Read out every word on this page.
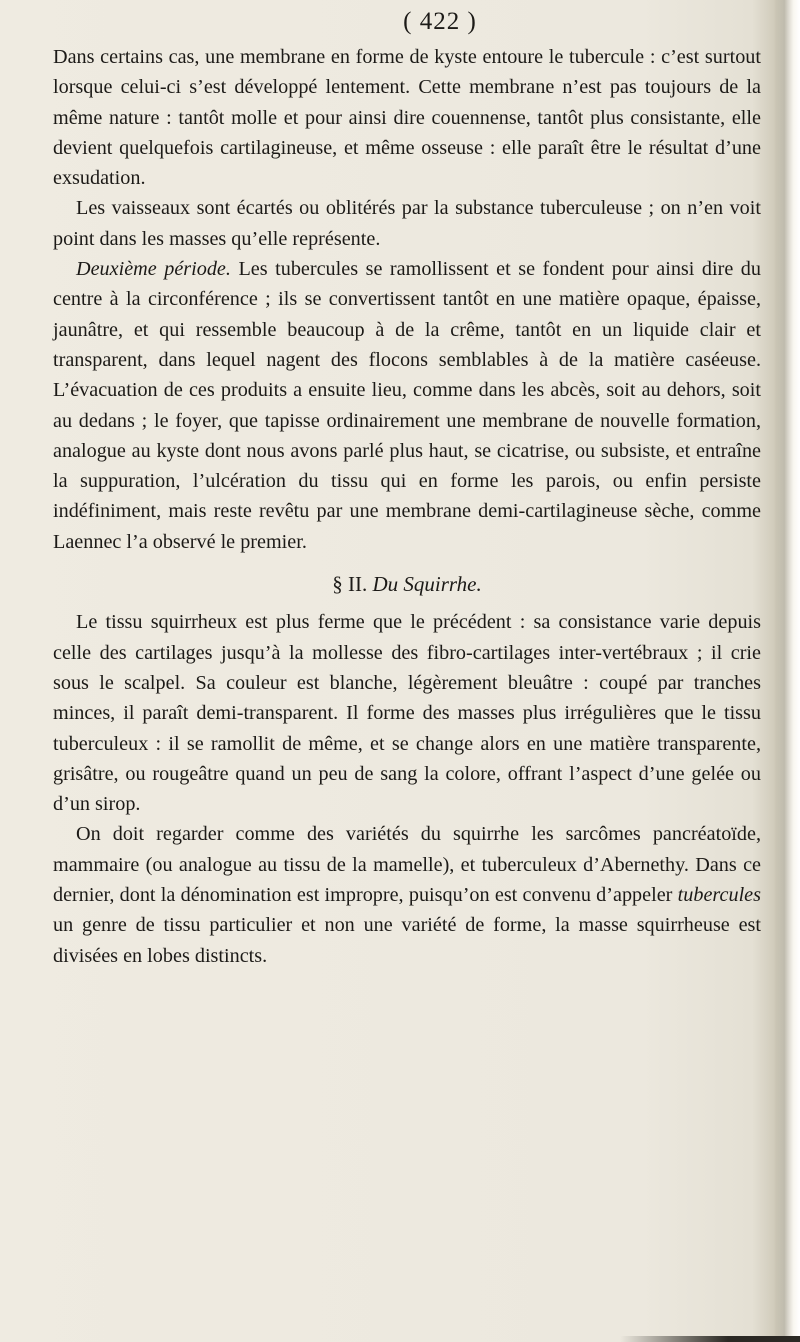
( 422 )

Dans certains cas, une membrane en forme de kyste entoure le tubercule : c’est surtout lorsque celui-ci s’est développé lentement. Cette membrane n’est pas toujours de la même nature : tantôt molle et pour ainsi dire couennense, tantôt plus consistante, elle devient quelquefois cartilagineuse, et même osseuse : elle paraît être le résultat d’une exsudation.

Les vaisseaux sont écartés ou oblitérés par la substance tuberculeuse ; on n’en voit point dans les masses qu’elle représente.

Deuxième période. Les tubercules se ramollissent et se fondent pour ainsi dire du centre à la circonférence ; ils se convertissent tantôt en une matière opaque, épaisse, jaunâtre, et qui ressemble beaucoup à de la crême, tantôt en un liquide clair et transparent, dans lequel nagent des flocons semblables à de la matière caséeuse. L’évacuation de ces produits a ensuite lieu, comme dans les abcès, soit au dehors, soit au dedans ; le foyer, que tapisse ordinairement une membrane de nouvelle formation, analogue au kyste dont nous avons parlé plus haut, se cicatrise, ou subsiste, et entraîne la suppuration, l’ulcération du tissu qui en forme les parois, ou enfin persiste indéfiniment, mais reste revêtu par une membrane demi-cartilagineuse sèche, comme Laennec l’a observé le premier.

§ II. Du Squirrhe.

Le tissu squirrheux est plus ferme que le précédent : sa consistance varie depuis celle des cartilages jusqu’à la mollesse des fibro-cartilages inter-vertébraux ; il crie sous le scalpel. Sa couleur est blanche, légèrement bleuâtre : coupé par tranches minces, il paraît demi-transparent. Il forme des masses plus irrégulières que le tissu tuberculeux : il se ramollit de même, et se change alors en une matière transparente, grisâtre, ou rougeâtre quand un peu de sang la colore, offrant l’aspect d’une gelée ou d’un sirop.

On doit regarder comme des variétés du squirrhe les sarcômes pancréatoïde, mammaire (ou analogue au tissu de la mamelle), et tuberculeux d’Abernethy. Dans ce dernier, dont la dénomination est impropre, puisqu’on est convenu d’appeler tubercules un genre de tissu particulier et non une variété de forme, la masse squirrheuse est divisées en lobes distincts.
